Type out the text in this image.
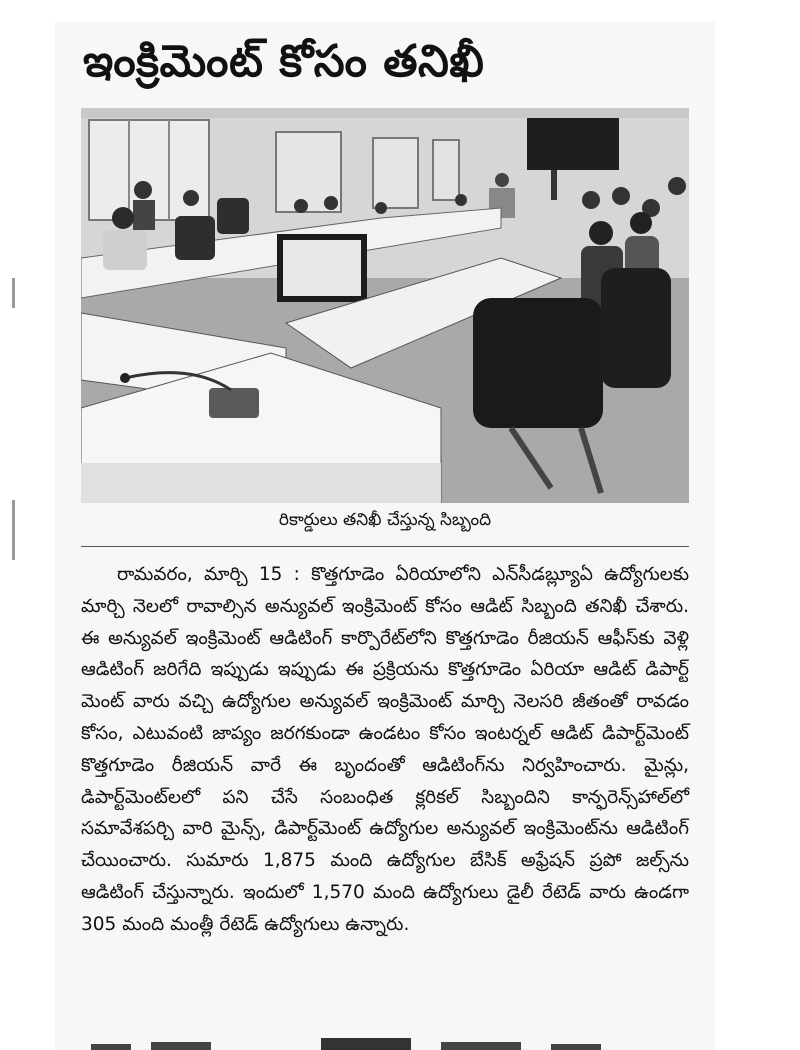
ఇంక్రిమెంట్ కోసం తనిఖీ
రికార్డులు తనిఖీ చేస్తున్న సిబ్బంది
రామవరం, మార్చి 15 : కొత్తగూడెం ఏరియాలోని ఎన్‌సీడబ్ల్యూఏ ఉద్యోగులకు మార్చి నెలలో రావాల్సిన అన్యువల్ ఇంక్రిమెంట్ కోసం ఆడిట్ సిబ్బంది తనిఖీ చేశారు. ఈ అన్యువల్ ఇంక్రిమెంట్ ఆడిటింగ్ కార్పొరేట్‌లోని కొత్తగూడెం రీజియన్ ఆఫీస్‌కు వెళ్లి ఆడిటింగ్ జరిగేది ఇప్పుడు ఇప్పుడు ఈ ప్రక్రియను కొత్తగూడెం ఏరియా ఆడిట్ డిపార్ట్ మెంట్ వారు వచ్చి ఉద్యోగుల అన్యువల్ ఇంక్రిమెంట్ మార్చి నెలసరి జీతంతో రావడం కోసం, ఎటువంటి జాప్యం జరగకుండా ఉండటం కోసం ఇంటర్నల్ ఆడిట్ డిపార్ట్‌మెంట్ కొత్తగూడెం రీజియన్ వారే ఈ బృందంతో ఆడిటింగ్‌ను నిర్వహించారు. మైన్లు, డిపార్ట్‌మెంట్‌లలో పని చేసే సంబంధిత క్లరికల్ సిబ్బందిని కాన్ఫరెన్స్‌హాల్‌లో సమావేశపర్చి వారి మైన్స్, డిపార్ట్‌మెంట్ ఉద్యోగుల అన్యువల్ ఇంక్రిమెంట్‌ను ఆడిటింగ్ చేయించారు. సుమారు 1,875 మంది ఉద్యోగుల బేసిక్ అఫ్రేషన్ ప్రపో జల్స్‌ను ఆడిటింగ్ చేస్తున్నారు. ఇందులో 1,570 మంది ఉద్యోగులు డైలీ రేటెడ్ వారు ఉండగా 305 మంది మంత్లీ రేటెడ్ ఉద్యోగులు ఉన్నారు.
